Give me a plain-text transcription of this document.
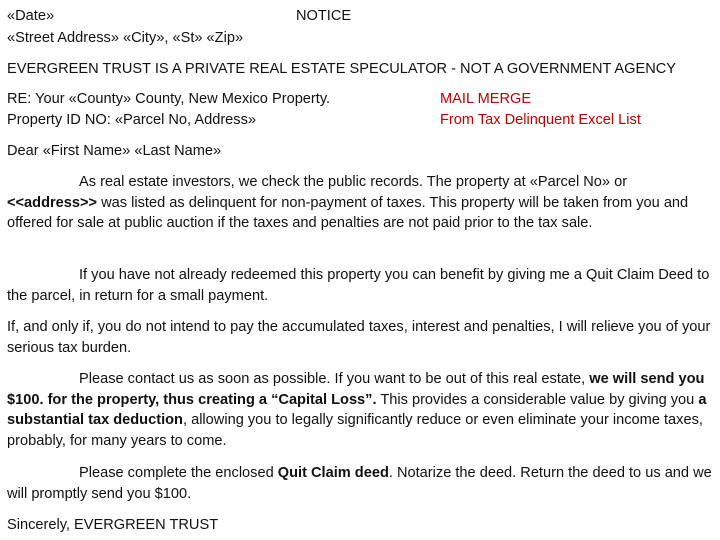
«Date»	NOTICE
«Street Address» «City», «St» «Zip»
EVERGREEN TRUST IS A PRIVATE REAL ESTATE SPECULATOR - NOT A GOVERNMENT AGENCY
RE: Your «County» County, New Mexico Property.
Property ID NO: «Parcel No, Address»
MAIL MERGE
From Tax Delinquent Excel List
Dear «First Name» «Last Name»

As real estate investors, we check the public records. The property at «Parcel No» or
<<address>> was listed as delinquent for non-payment of taxes. This property will be taken from you and offered for sale at public auction if the taxes and penalties are not paid prior to the tax sale.

If you have not already redeemed this property you can benefit by giving me a Quit Claim Deed to the parcel, in return for a small payment.

If, and only if, you do not intend to pay the accumulated taxes, interest and penalties, I will relieve you of your serious tax burden.

Please contact us as soon as possible. If you want to be out of this real estate, we will send you $100. for the property, thus creating a “Capital Loss”. This provides a considerable value by giving you a substantial tax deduction, allowing you to legally significantly reduce or even eliminate your income taxes, probably, for many years to come.

Please complete the enclosed Quit Claim deed. Notarize the deed. Return the deed to us and we will promptly send you $100.

Sincerely, EVERGREEN TRUST
